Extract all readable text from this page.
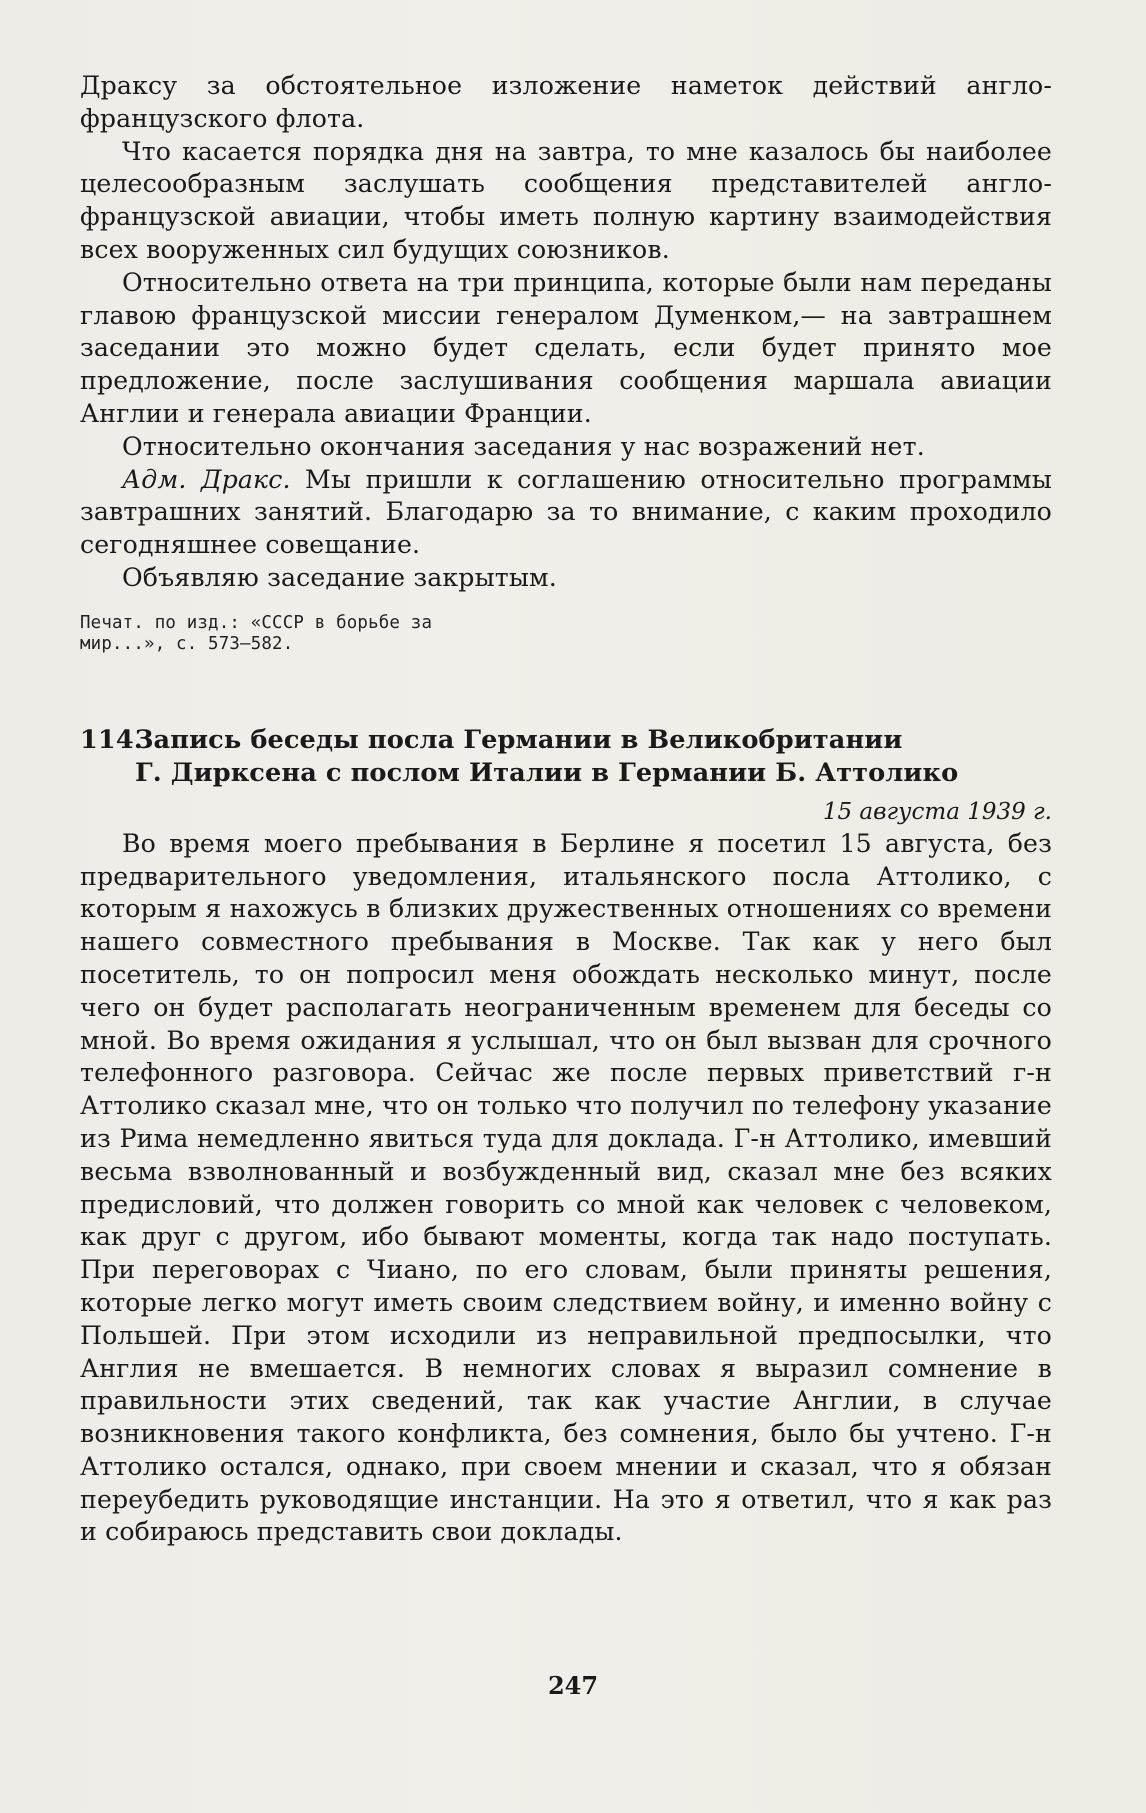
Драксу за обстоятельное изложение наметок действий англо-французского флота.

Что касается порядка дня на завтра, то мне казалось бы наиболее целесообразным заслушать сообщения представителей англо-французской авиации, чтобы иметь полную картину взаимодействия всех вооруженных сил будущих союзников.

Относительно ответа на три принципа, которые были нам переданы главою французской миссии генералом Думенком,— на завтрашнем заседании это можно будет сделать, если будет принято мое предложение, после заслушивания сообщения маршала авиации Англии и генерала авиации Франции.

Относительно окончания заседания у нас возражений нет.

Адм. Дракс. Мы пришли к соглашению относительно программы завтрашних занятий. Благодарю за то внимание, с каким проходило сегодняшнее совещание.

Объявляю заседание закрытым.

Печат. по изд.: «СССР в борьбе за мир...», с. 573—582.
114.Запись беседы посла Германии в Великобритании
Г. Дирксена с послом Италии в Германии Б. Аттолико
15 августа 1939 г.

Во время моего пребывания в Берлине я посетил 15 августа, без предварительного уведомления, итальянского посла Аттолико, с которым я нахожусь в близких дружественных отношениях со времени нашего совместного пребывания в Москве. Так как у него был посетитель, то он попросил меня обождать несколько минут, после чего он будет располагать неограниченным временем для беседы со мной. Во время ожидания я услышал, что он был вызван для срочного телефонного разговора. Сейчас же после первых приветствий г-н Аттолико сказал мне, что он только что получил по телефону указание из Рима немедленно явиться туда для доклада. Г-н Аттолико, имевший весьма взволнованный и возбужденный вид, сказал мне без всяких предисловий, что должен говорить со мной как человек с человеком, как друг с другом, ибо бывают моменты, когда так надо поступать. При переговорах с Чиано, по его словам, были приняты решения, которые легко могут иметь своим следствием войну, и именно войну с Польшей. При этом исходили из неправильной предпосылки, что Англия не вмешается. В немногих словах я выразил сомнение в правильности этих сведений, так как участие Англии, в случае возникновения такого конфликта, без сомнения, было бы учтено. Г-н Аттолико остался, однако, при своем мнении и сказал, что я обязан переубедить руководящие инстанции. На это я ответил, что я как раз и собираюсь представить свои доклады.

247
